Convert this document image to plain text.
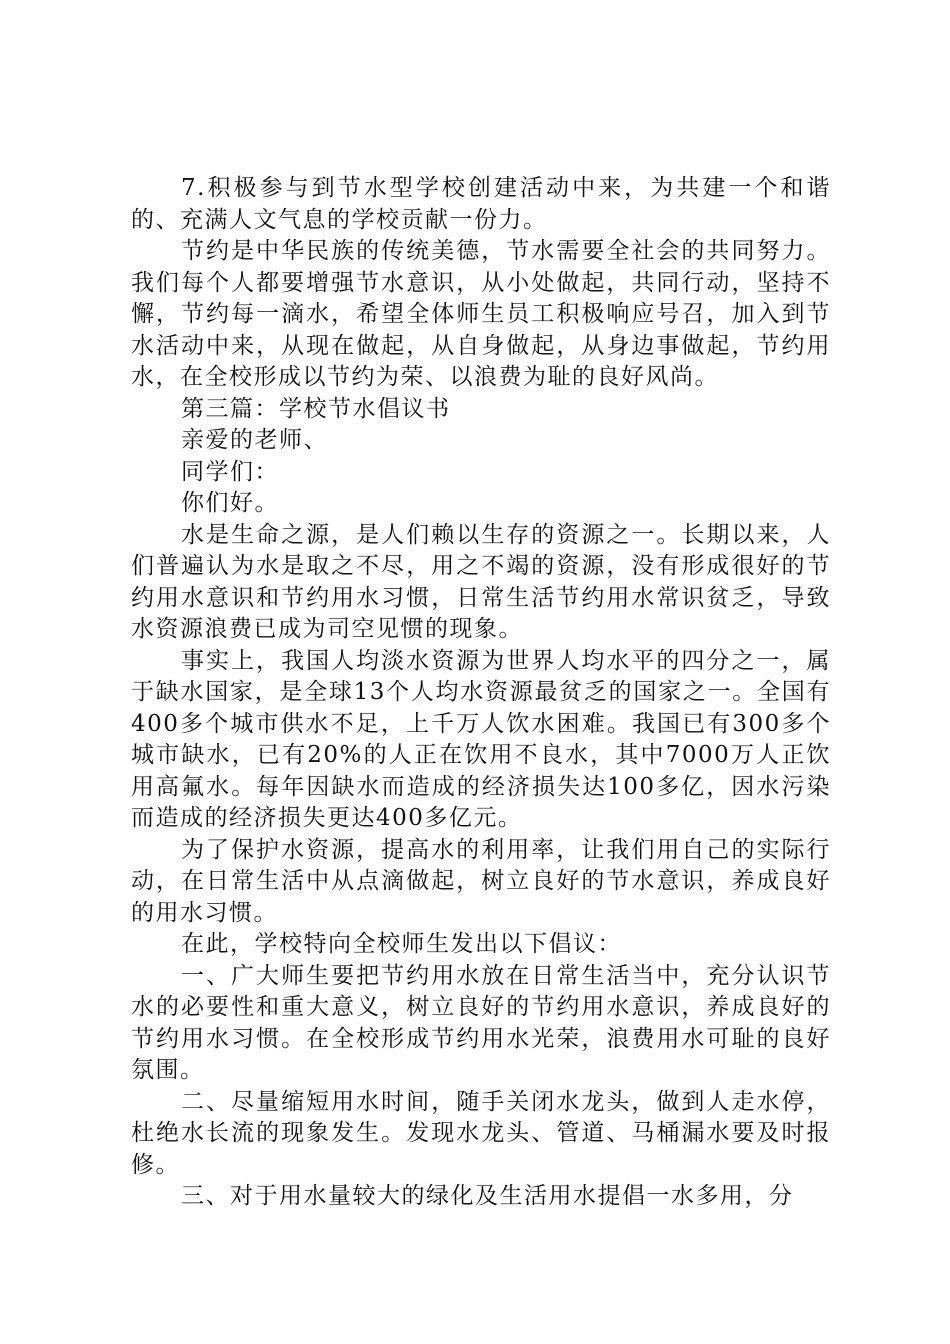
7.积极参与到节水型学校创建活动中来，为共建一个和谐的、充满人文气息的学校贡献一份力。

节约是中华民族的传统美德，节水需要全社会的共同努力。我们每个人都要增强节水意识，从小处做起，共同行动，坚持不懈，节约每一滴水，希望全体师生员工积极响应号召，加入到节水活动中来，从现在做起，从自身做起，从身边事做起，节约用水，在全校形成以节约为荣、以浪费为耻的良好风尚。

第三篇：学校节水倡议书

亲爱的老师、

同学们：

你们好。

水是生命之源，是人们赖以生存的资源之一。长期以来，人们普遍认为水是取之不尽，用之不竭的资源，没有形成很好的节约用水意识和节约用水习惯，日常生活节约用水常识贫乏，导致水资源浪费已成为司空见惯的现象。

事实上，我国人均淡水资源为世界人均水平的四分之一，属于缺水国家，是全球13个人均水资源最贫乏的国家之一。全国有400多个城市供水不足，上千万人饮水困难。我国已有300多个城市缺水，已有20%的人正在饮用不良水，其中7000万人正饮用高氟水。每年因缺水而造成的经济损失达100多亿，因水污染而造成的经济损失更达400多亿元。

为了保护水资源，提高水的利用率，让我们用自己的实际行动，在日常生活中从点滴做起，树立良好的节水意识，养成良好的用水习惯。

在此，学校特向全校师生发出以下倡议：

一、广大师生要把节约用水放在日常生活当中，充分认识节水的必要性和重大意义，树立良好的节约用水意识，养成良好的节约用水习惯。在全校形成节约用水光荣，浪费用水可耻的良好氛围。

二、尽量缩短用水时间，随手关闭水龙头，做到人走水停，杜绝水长流的现象发生。发现水龙头、管道、马桶漏水要及时报修。

三、对于用水量较大的绿化及生活用水提倡一水多用，分
